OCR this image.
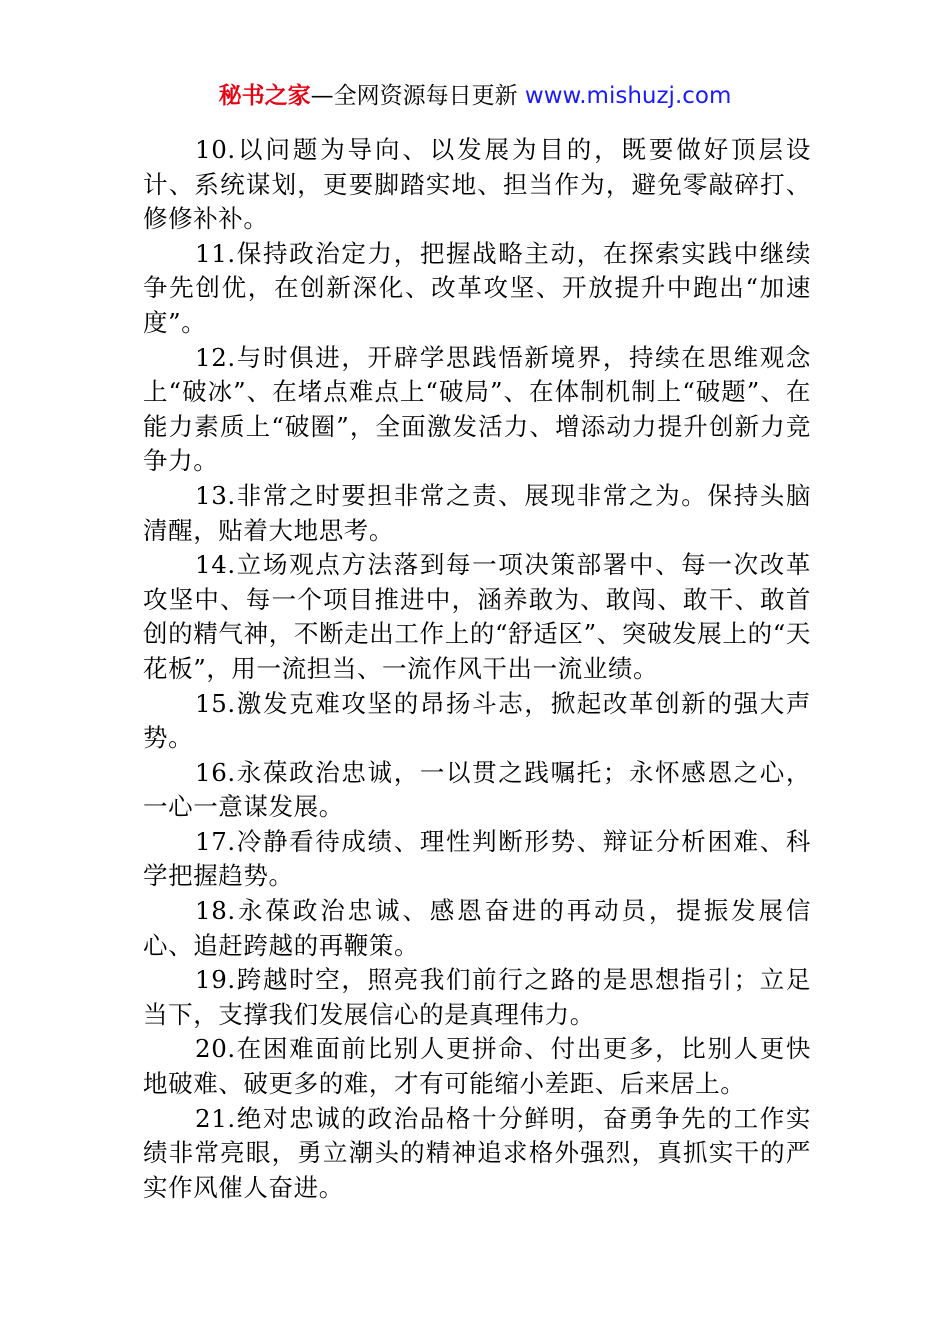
秘书之家—全网资源每日更新 www.mishuzj.com

10.以问题为导向、以发展为目的，既要做好顶层设计、系统谋划，更要脚踏实地、担当作为，避免零敲碎打、修修补补。

11.保持政治定力，把握战略主动，在探索实践中继续争先创优，在创新深化、改革攻坚、开放提升中跑出“加速度”。

12.与时俱进，开辟学思践悟新境界，持续在思维观念上“破冰”、在堵点难点上“破局”、在体制机制上“破题”、在能力素质上“破圈”，全面激发活力、增添动力提升创新力竞争力。

13.非常之时要担非常之责、展现非常之为。保持头脑清醒，贴着大地思考。

14.立场观点方法落到每一项决策部署中、每一次改革攻坚中、每一个项目推进中，涵养敢为、敢闯、敢干、敢首创的精气神，不断走出工作上的“舒适区”、突破发展上的“天花板”，用一流担当、一流作风干出一流业绩。

15.激发克难攻坚的昂扬斗志，掀起改革创新的强大声势。

16.永葆政治忠诚，一以贯之践嘱托；永怀感恩之心，一心一意谋发展。

17.冷静看待成绩、理性判断形势、辩证分析困难、科学把握趋势。

18.永葆政治忠诚、感恩奋进的再动员，提振发展信心、追赶跨越的再鞭策。

19.跨越时空，照亮我们前行之路的是思想指引；立足当下，支撑我们发展信心的是真理伟力。

20.在困难面前比别人更拼命、付出更多，比别人更快地破难、破更多的难，才有可能缩小差距、后来居上。

21.绝对忠诚的政治品格十分鲜明，奋勇争先的工作实绩非常亮眼，勇立潮头的精神追求格外强烈，真抓实干的严实作风催人奋进。
